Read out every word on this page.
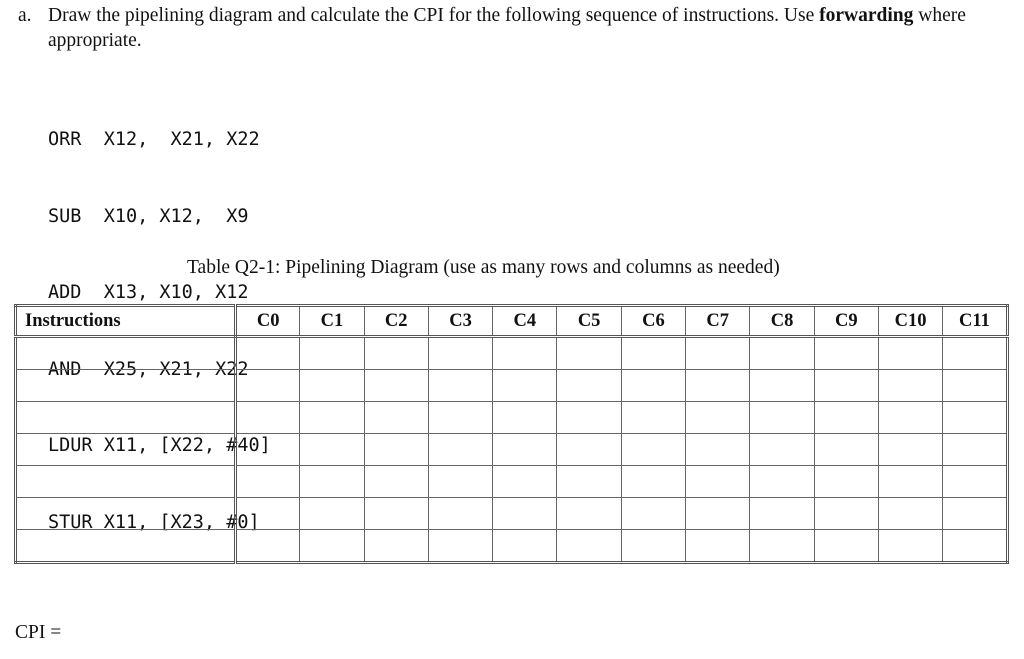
a. Draw the pipelining diagram and calculate the CPI for the following sequence of instructions. Use forwarding where appropriate.

ORR  X12,  X21, X22

SUB  X10, X12,  X9

ADD  X13, X10, X12

AND  X25, X21, X22

LDUR X11, [X22, #40]

STUR X11, [X23, #0]

Table Q2-1: Pipelining Diagram (use as many rows and columns as needed)
Instructions	C0	C1	C2	C3	C4	C5	C6	C7	C8	C9	C10	C11

CPI =
